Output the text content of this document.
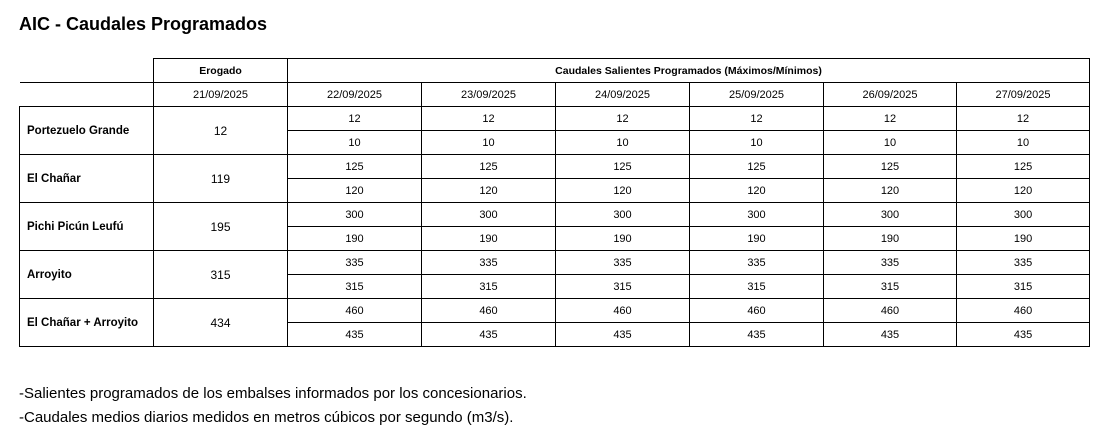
AIC - Caudales Programados
	Erogado	Caudales Salientes Programados (Máximos/Mínimos)					
	21/09/2025	22/09/2025	23/09/2025	24/09/2025	25/09/2025	26/09/2025	27/09/2025
Portezuelo Grande	12	12	12	12	12	12	12
		10	10	10	10	10	10
El Chañar	119	125	125	125	125	125	125
		120	120	120	120	120	120
Pichi Picún Leufú	195	300	300	300	300	300	300
		190	190	190	190	190	190
Arroyito	315	335	335	335	335	335	335
		315	315	315	315	315	315
El Chañar + Arroyito	434	460	460	460	460	460	460
		435	435	435	435	435	435
-Salientes programados de los embalses informados por los concesionarios.
-Caudales medios diarios medidos en metros cúbicos por segundo (m3/s).
